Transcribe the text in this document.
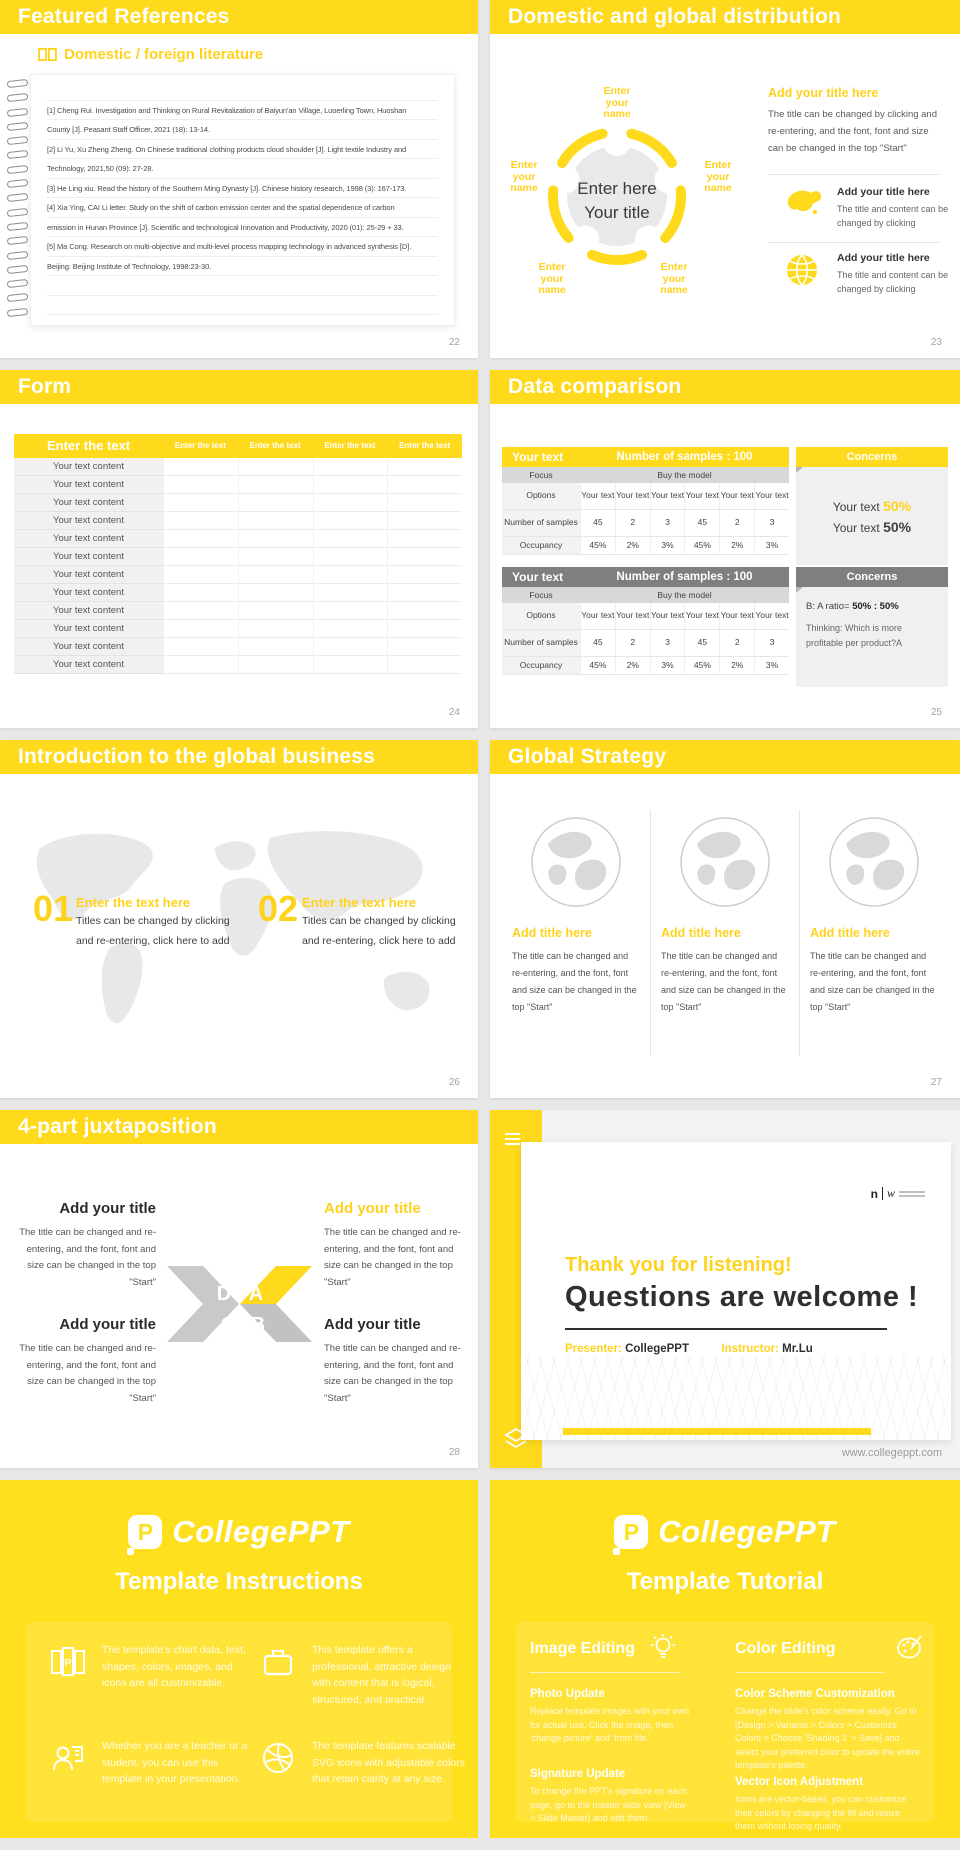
Featured References
Domestic / foreign literature
[1] Cheng Rui. Investigation and Thinking on Rural Revitalization of Baiyun'an Village, Luoerling Town, Huoshan
County [J]. Peasant Staff Officer, 2021 (18): 13-14.
[2] Li Yu, Xu Zheng Zheng. On Chinese traditional clothing products cloud shoulder [J]. Light textile Industry and
Technology, 2021,50 (09): 27-28.
[3] He Ling xiu. Read the history of the Southern Ming Dynasty [J]. Chinese history research, 1998 (3): 167-173.
[4] Xia Ying, CAI Li letter. Study on the shift of carbon emission center and the spatial dependence of carbon
emission in Hunan Province [J]. Scientific and technological Innovation and Productivity, 2020 (01): 25-29 + 33.
[5] Ma Cong. Research on multi-objective and multi-level process mapping technology in advanced synthesis [D].
Beijing: Beijing Institute of Technology, 1998:23-30.
22
Domestic and global distribution
Enter here
Your title
Enter your name
Enter your name
Enter your name
Enter your name
Enter your name
Add your title here
The title can be changed by clicking and re-entering, and the font, font and size can be changed in the top "Start"
Add your title here
The title and content can be changed by clicking
Add your title here
The title and content can be changed by clicking
23
Form
Enter the text	Enter the text	Enter the text	Enter the text	Enter the text
Your text content
Your text content
Your text content
Your text content
Your text content
Your text content
Your text content
Your text content
Your text content
Your text content
Your text content
Your text content
24
Data comparison
Your text	Number of samples : 100
Focus	Buy the model
Options	Your text Your text Your text Your text Your text Your text
Number of samples	45	2	3	45	2	3
Occupancy	45%	2%	3%	45%	2%	3%
Your text	Number of samples : 100
Focus	Buy the model
Options	Your text Your text Your text Your text Your text Your text
Number of samples	45	2	3	45	2	3
Occupancy	45%	2%	3%	45%	2%	3%
Concerns
Your text 50%
Your text 50%
Concerns
B: A ratio= 50% : 50%
Thinking: Which is more profitable per product?A
25
Introduction to the global business
01 Enter the text here
Titles can be changed by clicking and re-entering, click here to add
02 Enter the text here
Titles can be changed by clicking and re-entering, click here to add
26
Global Strategy
Add title here
The title can be changed and re-entering, and the font, font and size can be changed in the top "Start"
Add title here
The title can be changed and re-entering, and the font, font and size can be changed in the top "Start"
Add title here
The title can be changed and re-entering, and the font, font and size can be changed in the top "Start"
27
4-part juxtaposition
Add your title
The title can be changed and re-entering, and the font, font and size can be changed in the top "Start"
Add your title
The title can be changed and re-entering, and the font, font and size can be changed in the top "Start"
Add your title
The title can be changed and re-entering, and the font, font and size can be changed in the top "Start"
Add your title
The title can be changed and re-entering, and the font, font and size can be changed in the top "Start"
D A
C B
28
n w
Thank you for listening!
Questions are welcome !
Presenter: CollegePPT	Instructor: Mr.Lu
www.collegeppt.com
P CollegePPT
Template Instructions
P
The template's chart data, text, shapes, colors, images, and icons are all customizable.
This template offers a professional, attractive design with content that is logical, structured, and practical.
Whether you are a teacher or a student, you can use this template in your presentation.
The template features scalable SVG icons with adjustable colors that retain clarity at any size.
P CollegePPT
Template Tutorial
Image Editing
Photo Update
Replace template images with your own for actual use. Click the image, then 'change picture' and 'from file.'
Signature Update
To change the PPT's signature on each page, go to the master slide view [View > Slide Master] and edit them.
Color Editing
Color Scheme Customization
Change the slide's color scheme easily. Go to [Design > Variants > Colors > Customize Colors > Choose 'Shading 1' > Save] and select your preferred color to update the entire template's palette.
Vector Icon Adjustment
Icons are vector-based, you can customize their colors by changing the fill and resize them without losing quality.
